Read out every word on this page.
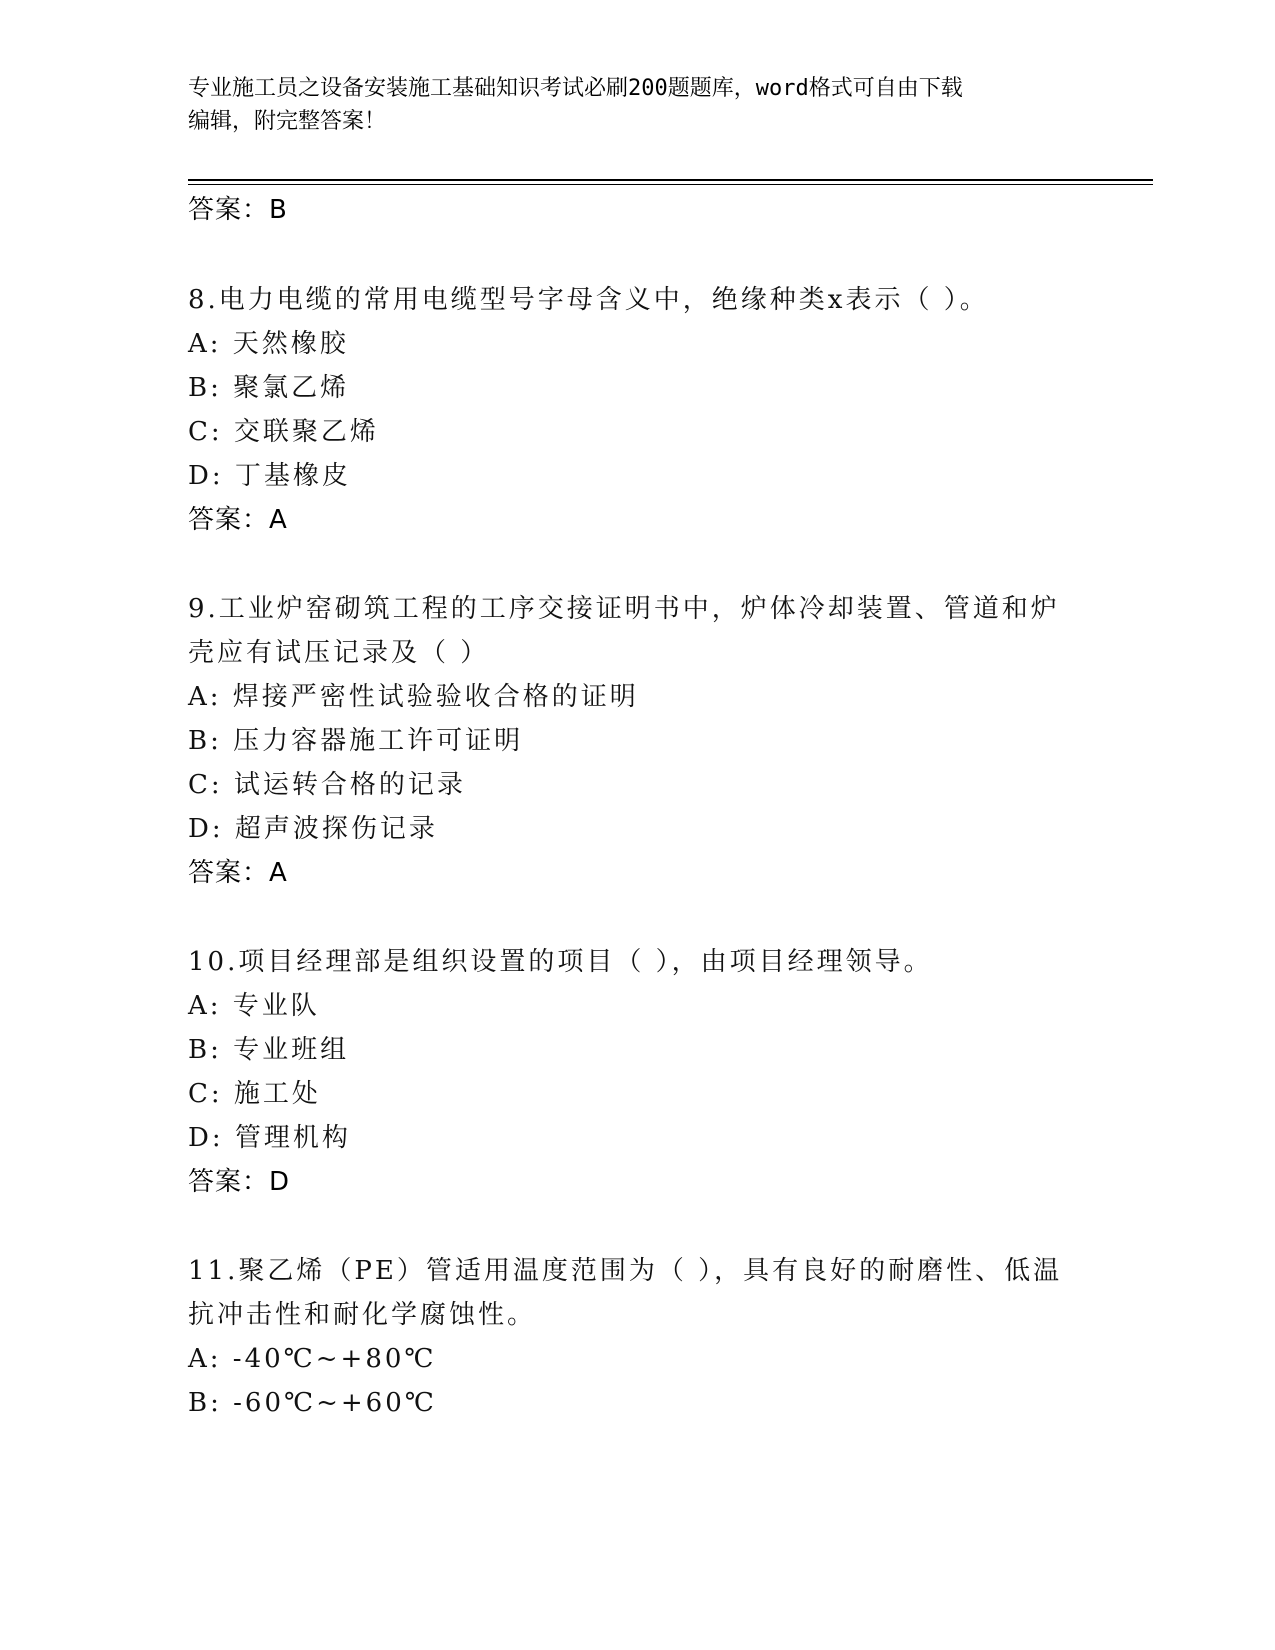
专业施工员之设备安装施工基础知识考试必刷200题题库，word格式可自由下载
编辑，附完整答案！
答案：B
8.电力电缆的常用电缆型号字母含义中，绝缘种类x表示（ ）。
A: 天然橡胶
B: 聚氯乙烯
C: 交联聚乙烯
D: 丁基橡皮
答案：A
9.工业炉窑砌筑工程的工序交接证明书中，炉体冷却装置、管道和炉
壳应有试压记录及（ ）
A: 焊接严密性试验验收合格的证明
B: 压力容器施工许可证明
C: 试运转合格的记录
D: 超声波探伤记录
答案：A
10.项目经理部是组织设置的项目（ ），由项目经理领导。
A: 专业队
B: 专业班组
C: 施工处
D: 管理机构
答案：D
11.聚乙烯（PE）管适用温度范围为（ ），具有良好的耐磨性、低温
抗冲击性和耐化学腐蚀性。
A: -40℃~+80℃
B: -60℃~+60℃
